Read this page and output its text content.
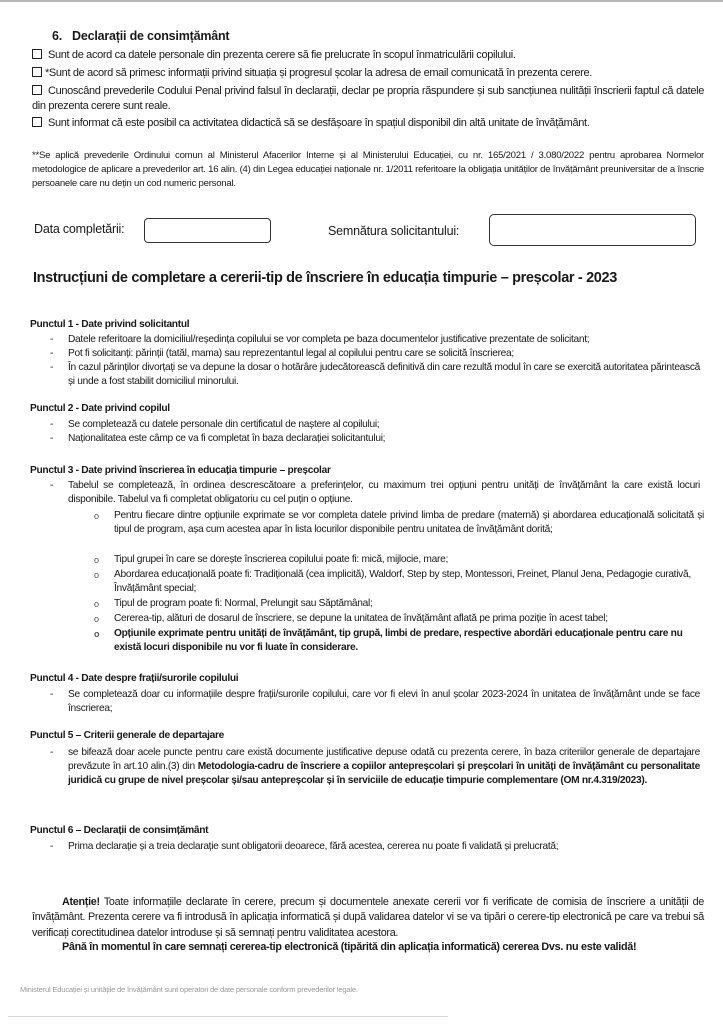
6. Declarații de consimțământ
Sunt de acord ca datele personale din prezenta cerere să fie prelucrate în scopul înmatriculării copilului.
*Sunt de acord să primesc informații privind situația și progresul școlar la adresa de email comunicată în prezenta cerere.
Cunoscând prevederile Codului Penal privind falsul în declarații, declar pe propria răspundere și sub sancțiunea nulității înscrierii faptul că datele din prezenta cerere sunt reale.
Sunt informat că este posibil ca activitatea didactică să se desfășoare în spațiul disponibil din altă unitate de învățământ.
**Se aplică prevederile Ordinului comun al Ministerul Afacerilor Interne și al Ministerului Educației, cu nr. 165/2021 / 3.080/2022 pentru aprobarea Normelor metodologice de aplicare a prevederilor art. 16 alin. (4) din Legea educației naționale nr. 1/2011 referitoare la obligația unităților de învățământ preuniversitar de a înscrie persoanele care nu dețin un cod numeric personal.
Data completării:	Semnătura solicitantului:
Instrucțiuni de completare a cererii-tip de înscriere în educația timpurie – preșcolar - 2023
Punctul 1 - Date privind solicitantul
- Datele referitoare la domiciliul/reședința copilului se vor completa pe baza documentelor justificative prezentate de solicitant;
- Pot fi solicitanți: părinții (tatăl, mama) sau reprezentantul legal al copilului pentru care se solicită înscrierea;
- În cazul părinților divorțați se va depune la dosar o hotărâre judecătorească definitivă din care rezultă modul în care se exercită autoritatea părintească și unde a fost stabilit domiciliul minorului.
Punctul 2 - Date privind copilul
- Se completează cu datele personale din certificatul de naștere al copilului;
- Naționalitatea este câmp ce va fi completat în baza declarației solicitantului;
Punctul 3 - Date privind înscrierea în educația timpurie – preșcolar
- Tabelul se completează, în ordinea descrescătoare a preferințelor, cu maximum trei opțiuni pentru unități de învățământ la care există locuri disponibile. Tabelul va fi completat obligatoriu cu cel puțin o opțiune.
o Pentru fiecare dintre opțiunile exprimate se vor completa datele privind limba de predare (maternă) și abordarea educațională solicitată și tipul de program, așa cum acestea apar în lista locurilor disponibile pentru unitatea de învățământ dorită;
o Tipul grupei în care se dorește înscrierea copilului poate fi: mică, mijlocie, mare;
o Abordarea educațională poate fi: Tradițională (cea implicită), Waldorf, Step by step, Montessori, Freinet, Planul Jena, Pedagogie curativă, Învățământ special;
o Tipul de program poate fi: Normal, Prelungit sau Săptămânal;
o Cererea-tip, alături de dosarul de înscriere, se depune la unitatea de învățământ aflată pe prima poziție în acest tabel;
o Opțiunile exprimate pentru unități de învățământ, tip grupă, limbi de predare, respective abordări educaționale pentru care nu există locuri disponibile nu vor fi luate în considerare.
Punctul 4 - Date despre frații/surorile copilului
- Se completează doar cu informațiile despre frații/surorile copilului, care vor fi elevi în anul școlar 2023-2024 în unitatea de învățământ unde se face înscrierea;
Punctul 5 – Criterii generale de departajare
- se bifează doar acele puncte pentru care există documente justificative depuse odată cu prezenta cerere, în baza criteriilor generale de departajare prevăzute în art.10 alin.(3) din Metodologia-cadru de înscriere a copiilor antepreșcolari și preșcolari în unități de învățământ cu personalitate juridică cu grupe de nivel preșcolar și/sau antepreșcolar și în serviciile de educație timpurie complementare (OM nr.4.319/2023).
Punctul 6 – Declarații de consimțământ
- Prima declarație și a treia declarație sunt obligatorii deoarece, fără acestea, cererea nu poate fi validată și prelucrată;
Atenție! Toate informațiile declarate în cerere, precum și documentele anexate cererii vor fi verificate de comisia de înscriere a unității de învățământ. Prezenta cerere va fi introdusă în aplicația informatică și după validarea datelor vi se va tipări o cerere-tip electronică pe care va trebui să verificați corectitudinea datelor introduse și să semnați pentru validitatea acestora.
Până în momentul în care semnați cererea-tip electronică (tipărită din aplicația informatică) cererea Dvs. nu este validă!
Ministerul Educației și unitățile de învățământ sunt operatori de date personale conform prevederilor legale.
